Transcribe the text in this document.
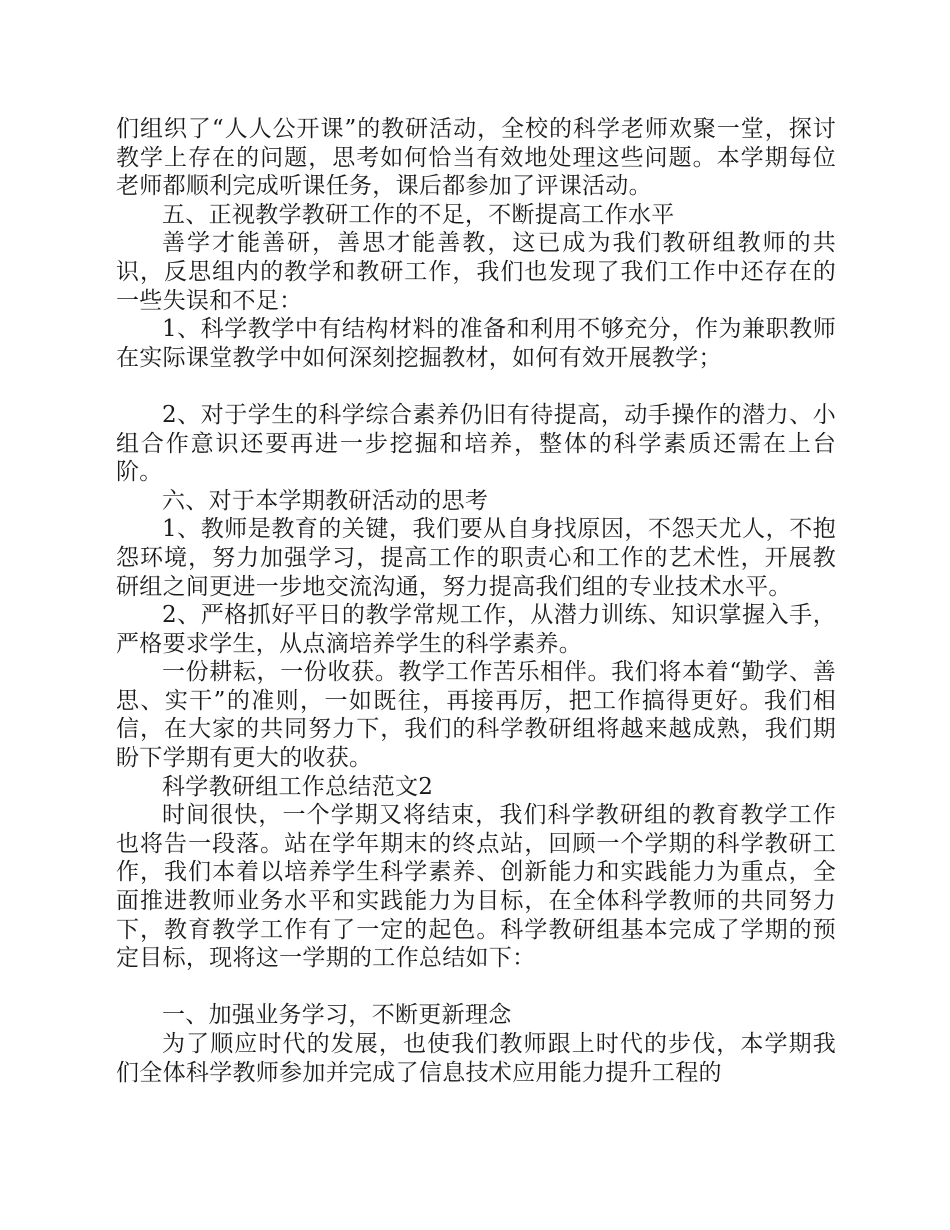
们组织了“人人公开课”的教研活动，全校的科学老师欢聚一堂，探讨教学上存在的问题，思考如何恰当有效地处理这些问题。本学期每位老师都顺利完成听课任务，课后都参加了评课活动。

五、正视教学教研工作的不足，不断提高工作水平

善学才能善研，善思才能善教，这已成为我们教研组教师的共识，反思组内的教学和教研工作，我们也发现了我们工作中还存在的一些失误和不足：

1、科学教学中有结构材料的准备和利用不够充分，作为兼职教师在实际课堂教学中如何深刻挖掘教材，如何有效开展教学；

2、对于学生的科学综合素养仍旧有待提高，动手操作的潜力、小组合作意识还要再进一步挖掘和培养，整体的科学素质还需在上台阶。

六、对于本学期教研活动的思考

1、教师是教育的关键，我们要从自身找原因，不怨天尤人，不抱怨环境，努力加强学习，提高工作的职责心和工作的艺术性，开展教研组之间更进一步地交流沟通，努力提高我们组的专业技术水平。

2、严格抓好平日的教学常规工作，从潜力训练、知识掌握入手，严格要求学生，从点滴培养学生的科学素养。

一份耕耘，一份收获。教学工作苦乐相伴。我们将本着“勤学、善思、实干”的准则，一如既往，再接再厉，把工作搞得更好。我们相信，在大家的共同努力下，我们的科学教研组将越来越成熟，我们期盼下学期有更大的收获。

科学教研组工作总结范文2

时间很快，一个学期又将结束，我们科学教研组的教育教学工作也将告一段落。站在学年期末的终点站，回顾一个学期的科学教研工作，我们本着以培养学生科学素养、创新能力和实践能力为重点，全面推进教师业务水平和实践能力为目标，在全体科学教师的共同努力下，教育教学工作有了一定的起色。科学教研组基本完成了学期的预定目标，现将这一学期的工作总结如下：

一、加强业务学习，不断更新理念

为了顺应时代的发展，也使我们教师跟上时代的步伐，本学期我们全体科学教师参加并完成了信息技术应用能力提升工程的
